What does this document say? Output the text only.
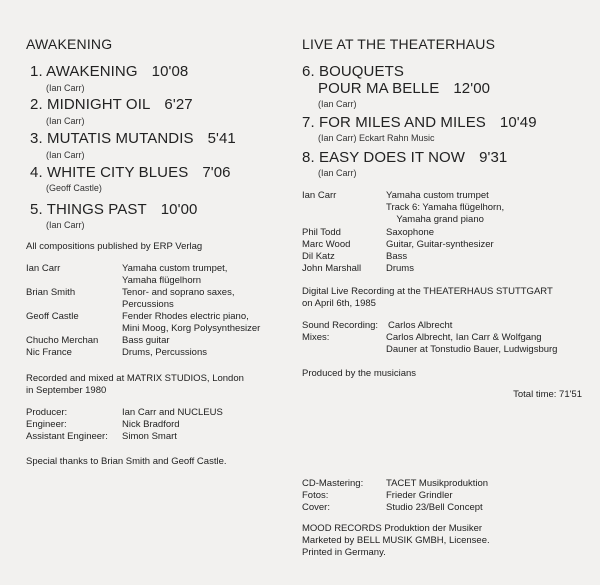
AWAKENING
1. AWAKENING 10'08
(Ian Carr)
2. MIDNIGHT OIL 6'27
(Ian Carr)
3. MUTATIS MUTANDIS 5'41
(Ian Carr)
4. WHITE CITY BLUES 7'06
(Geoff Castle)
5. THINGS PAST 10'00
(Ian Carr)
All compositions published by ERP Verlag
Ian Carr	Yamaha custom trumpet,
Yamaha flügelhorn
Brian Smith	Tenor- and soprano saxes,
Percussions
Geoff Castle	Fender Rhodes electric piano,
Mini Moog, Korg Polysynthesizer
Chucho Merchan	Bass guitar
Nic France	Drums, Percussions
Recorded and mixed at MATRIX STUDIOS, London
in September 1980
Producer:	Ian Carr and NUCLEUS
Engineer:	Nick Bradford
Assistant Engineer:	Simon Smart
Special thanks to Brian Smith and Geoff Castle.
LIVE AT THE THEATERHAUS
6. BOUQUETS
POUR MA BELLE 12'00
(Ian Carr)
7. FOR MILES AND MILES 10'49
(Ian Carr) Eckart Rahn Music
8. EASY DOES IT NOW 9'31
(Ian Carr)
Ian Carr	Yamaha custom trumpet
Track 6: Yamaha flügelhorn,
Yamaha grand piano
Phil Todd	Saxophone
Marc Wood	Guitar, Guitar-synthesizer
Dil Katz	Bass
John Marshall	Drums
Digital Live Recording at the THEATERHAUS STUTTGART
on April 6th, 1985
Sound Recording:	Carlos Albrecht
Mixes:	Carlos Albrecht, Ian Carr & Wolfgang
Dauner at Tonstudio Bauer, Ludwigsburg
Produced by the musicians
Total time: 71'51
CD-Mastering:	TACET Musikproduktion
Fotos:	Frieder Grindler
Cover:	Studio 23/Bell Concept
MOOD RECORDS Produktion der Musiker
Marketed by BELL MUSIK GMBH, Licensee.
Printed in Germany.
